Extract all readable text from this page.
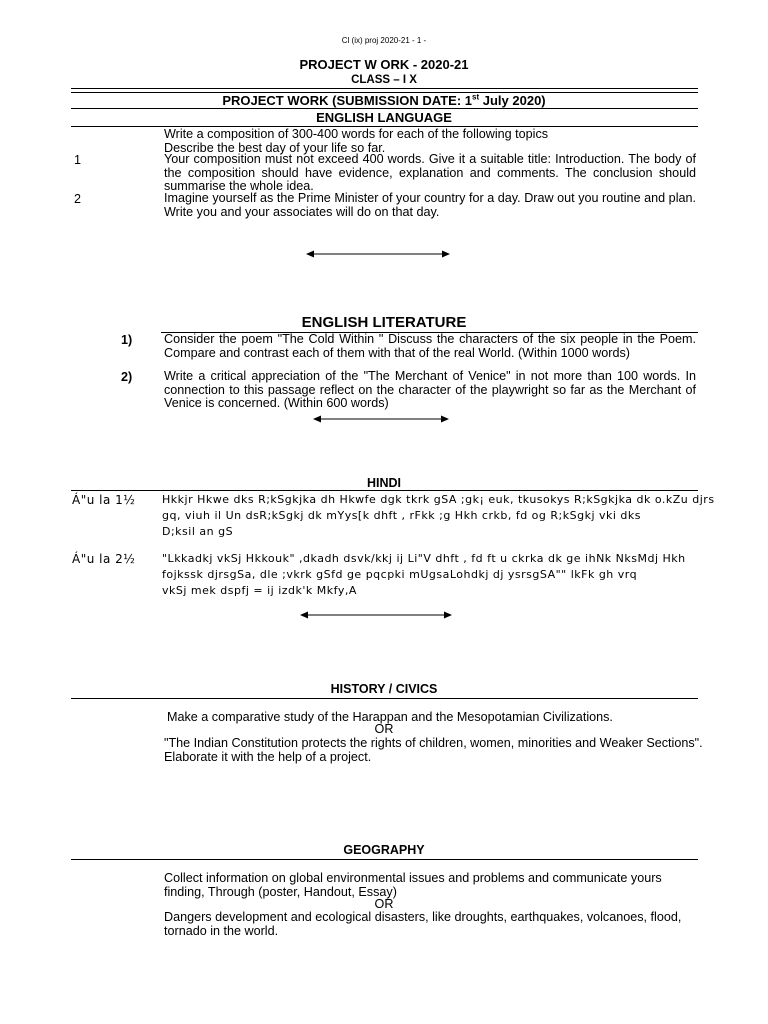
Cl (ix) proj 2020-21 - 1 -
PROJECT W ORK - 2020-21
CLASS – I X
PROJECT WORK (SUBMISSION DATE: 1st July 2020)
ENGLISH LANGUAGE
Write a composition of 300-400 words for each of the following topics
Describe the best day of your life so far.
1	Your composition must not exceed 400 words. Give it a suitable title: Introduction. The body of the composition should have evidence, explanation and comments. The conclusion should summarise the whole idea.
2	Imagine yourself as the Prime Minister of your country for a day. Draw out you routine and plan. Write you and your associates will do on that day.
ENGLISH LITERATURE
1)	Consider the poem "The Cold Within " Discuss the characters of the six people in the Poem. Compare and contrast each of them with that of the real World. (Within 1000 words)
2)	Write a critical appreciation of the "The Merchant of Venice" in not more than 100 words. In connection to this passage reflect on the character of the playwright so far as the Merchant of Venice is concerned. (Within 600 words)
HINDI
Á"u la 1½ Hkkjr Hkwe dks R;kSgkjka dh Hkwfe dgk tkrk gSA ;gk¡ euk, tkusokys R;kSgkjka dk o.kZu djrs
gq, viuh il Un dsR;kSgkj dk mYys[k dhft , rFkk ;g Hkh crkb, fd og R;kSgkj vki dks
D;ksil an gS
Á"u la 2½ "Lkkadkj vkSj Hkkouk" ,dkadh dsvk/kkj ij Li"V dhft , fd ft u ckrka dk ge ihNk NksMdj Hkh
fojkssk djrsgSa, dle ;vkrk gSfd ge pqcpki mUgsaLohdkj dj ysrsgSA"" lkFk gh vrq
vkSj mek dspfj = ij izdk'k Mkfy,A
HISTORY / CIVICS
Make a comparative study of the Harappan and the Mesopotamian Civilizations.
OR
"The Indian Constitution protects the rights of children, women, minorities and Weaker Sections". Elaborate it with the help of a project.
GEOGRAPHY
Collect information on global environmental issues and problems and communicate yours finding, Through (poster, Handout, Essay)
OR
Dangers development and ecological disasters, like droughts, earthquakes, volcanoes, flood, tornado in the world.
